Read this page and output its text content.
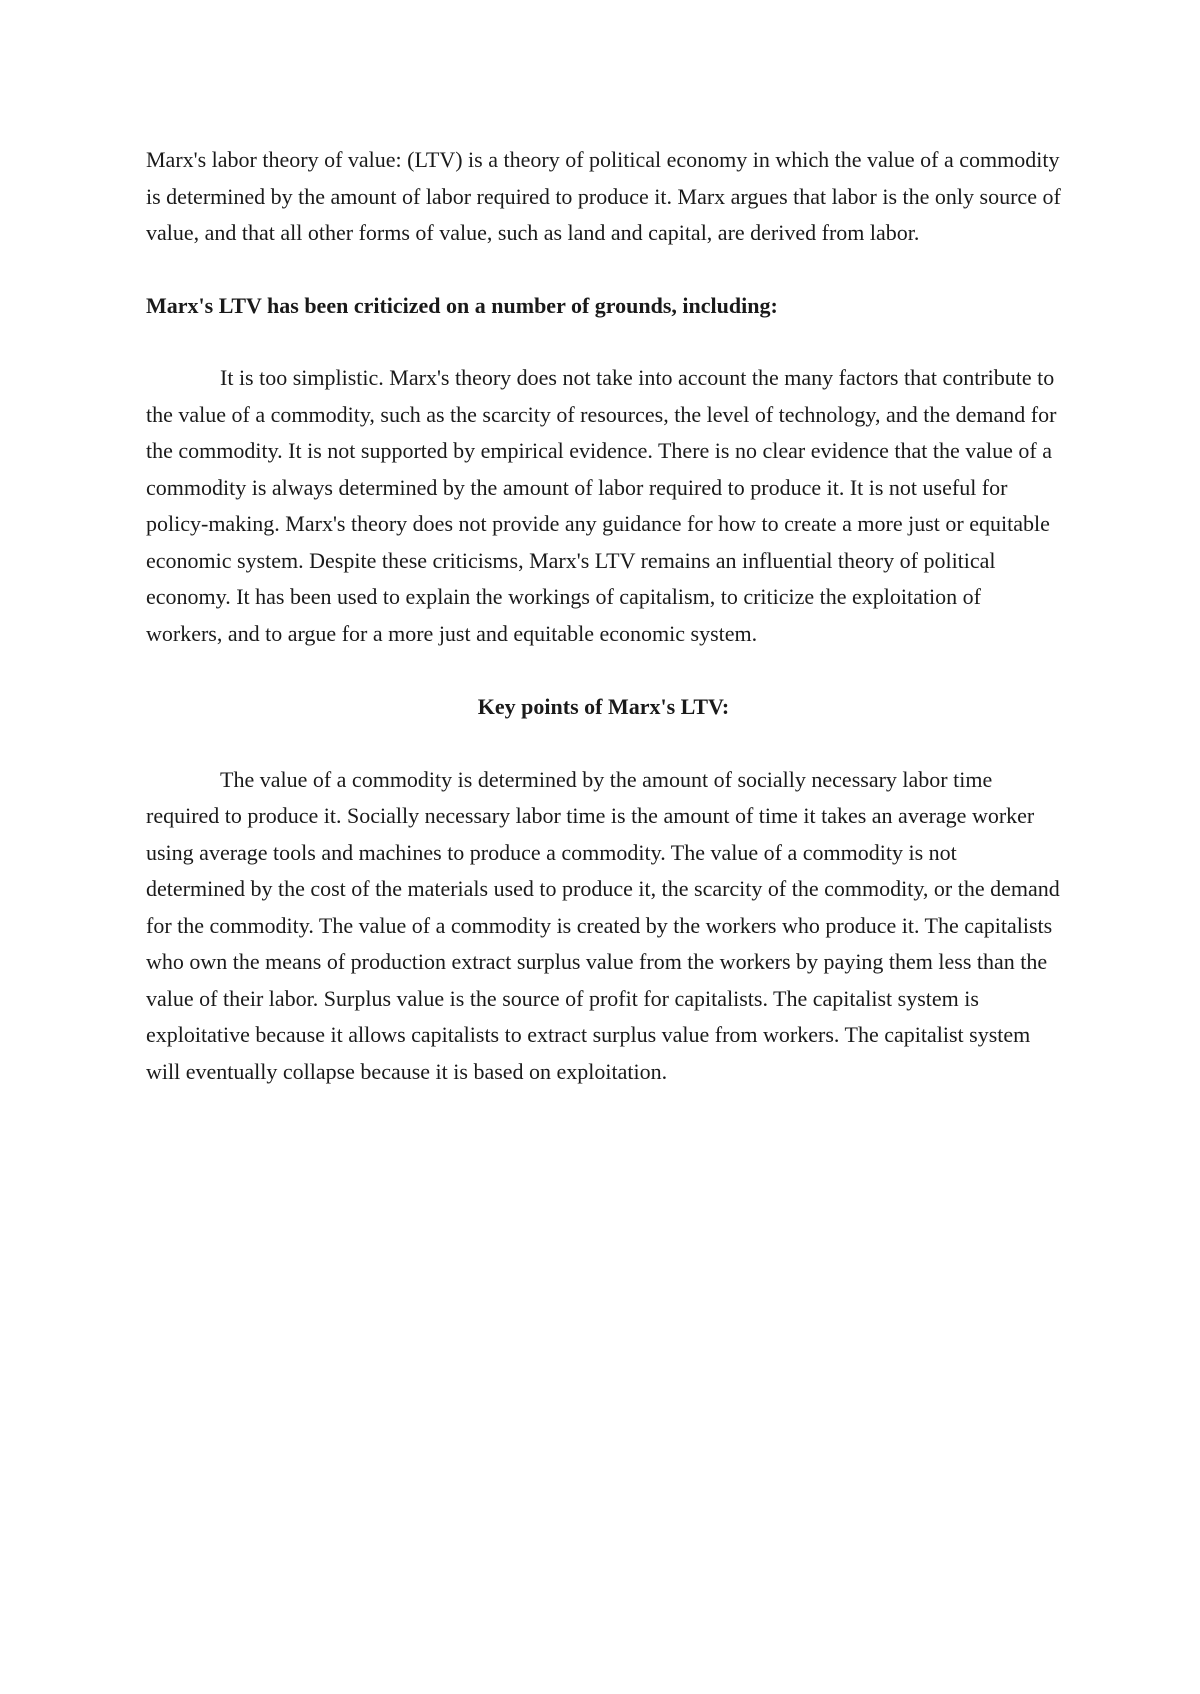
Marx's labor theory of value: (LTV) is a theory of political economy in which the value of a commodity is determined by the amount of labor required to produce it. Marx argues that labor is the only source of value, and that all other forms of value, such as land and capital, are derived from labor.

Marx's LTV has been criticized on a number of grounds, including:

It is too simplistic. Marx's theory does not take into account the many factors that contribute to the value of a commodity, such as the scarcity of resources, the level of technology, and the demand for the commodity. It is not supported by empirical evidence. There is no clear evidence that the value of a commodity is always determined by the amount of labor required to produce it. It is not useful for policy-making. Marx's theory does not provide any guidance for how to create a more just or equitable economic system. Despite these criticisms, Marx's LTV remains an influential theory of political economy. It has been used to explain the workings of capitalism, to criticize the exploitation of workers, and to argue for a more just and equitable economic system.

Key points of Marx's LTV:

The value of a commodity is determined by the amount of socially necessary labor time required to produce it. Socially necessary labor time is the amount of time it takes an average worker using average tools and machines to produce a commodity. The value of a commodity is not determined by the cost of the materials used to produce it, the scarcity of the commodity, or the demand for the commodity. The value of a commodity is created by the workers who produce it. The capitalists who own the means of production extract surplus value from the workers by paying them less than the value of their labor. Surplus value is the source of profit for capitalists. The capitalist system is exploitative because it allows capitalists to extract surplus value from workers. The capitalist system will eventually collapse because it is based on exploitation.
